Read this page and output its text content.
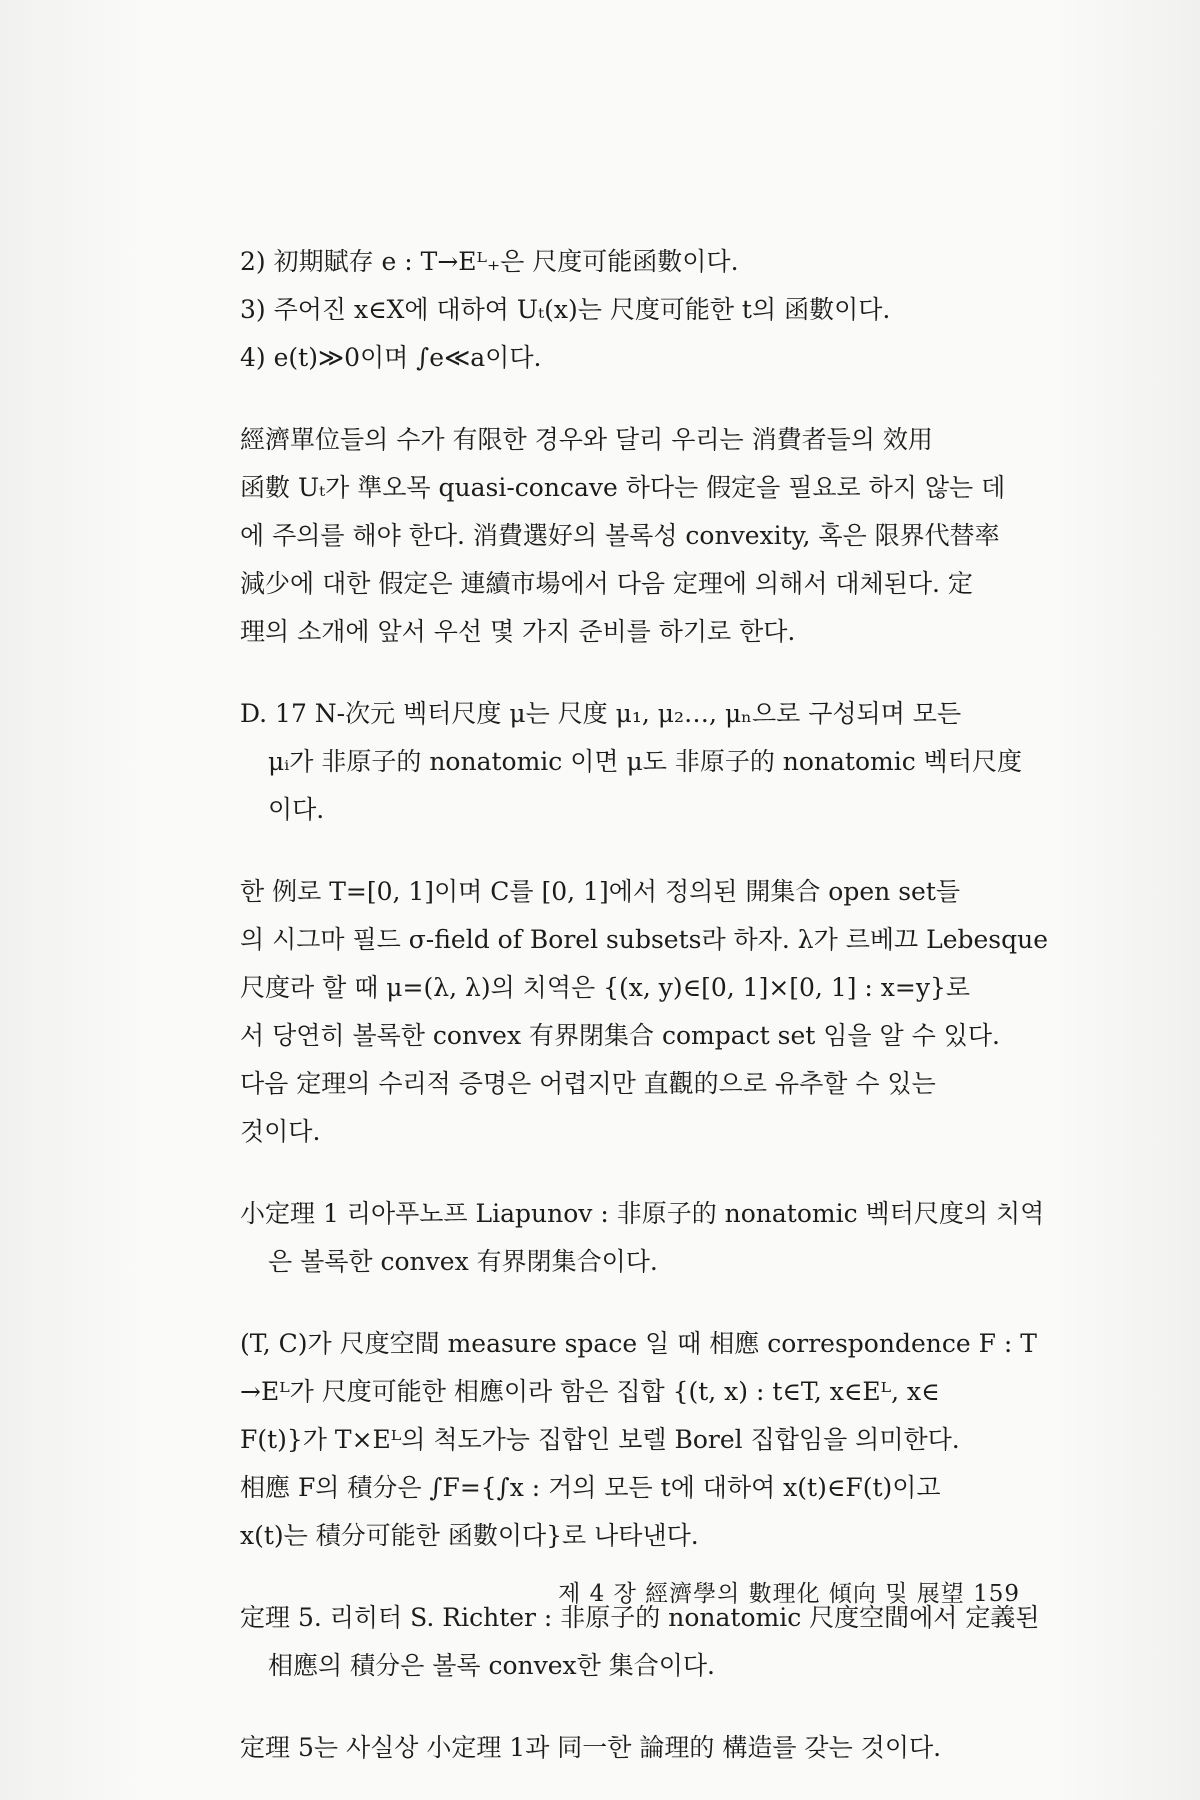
2) 初期賦存 e : T→Eᴸ₊은 尺度可能函數이다.

3) 주어진 x∈X에 대하여 Uₜ(x)는 尺度可能한 t의 函數이다.

4) e(t)≫0이며 ∫e≪a이다.

經濟單位들의 수가 有限한 경우와 달리 우리는 消費者들의 效用

函數 Uₜ가 準오목 quasi-concave 하다는 假定을 필요로 하지 않는 데

에 주의를 해야 한다. 消費選好의 볼록성 convexity, 혹은 限界代替率

減少에 대한 假定은 連續市場에서 다음 定理에 의해서 대체된다. 定

理의 소개에 앞서 우선 몇 가지 준비를 하기로 한다.

D. 17 N-次元 벡터尺度 μ는 尺度 μ₁, μ₂…, μₙ으로 구성되며 모든

μᵢ가 非原子的 nonatomic 이면 μ도 非原子的 nonatomic 벡터尺度

이다.

한 例로 T=[0, 1]이며 C를 [0, 1]에서 정의된 開集合 open set들

의 시그마 필드 σ-field of Borel subsets라 하자. λ가 르베끄 Lebesque

尺度라 할 때 μ=(λ, λ)의 치역은 {(x, y)∈[0, 1]×[0, 1] : x=y}로

서 당연히 볼록한 convex 有界閉集合 compact set 임을 알 수 있다.

다음 定理의 수리적 증명은 어렵지만 直觀的으로 유추할 수 있는

것이다.

小定理 1 리아푸노프 Liapunov : 非原子的 nonatomic 벡터尺度의 치역

은 볼록한 convex 有界閉集合이다.

(T, C)가 尺度空間 measure space 일 때 相應 correspondence F : T

→Eᴸ가 尺度可能한 相應이라 함은 집합 {(t, x) : t∈T, x∈Eᴸ, x∈

F(t)}가 T×Eᴸ의 척도가능 집합인 보렐 Borel 집합임을 의미한다.

相應 F의 積分은 ∫F={∫x : 거의 모든 t에 대하여 x(t)∈F(t)이고

x(t)는 積分可能한 函數이다}로 나타낸다.

定理 5. 리히터 S. Richter : 非原子的 nonatomic 尺度空間에서 定義된

相應의 積分은 볼록 convex한 集合이다.

定理 5는 사실상 小定理 1과 同一한 論理的 構造를 갖는 것이다.

제 4 장 經濟學의 數理化 傾向 및 展望 159
